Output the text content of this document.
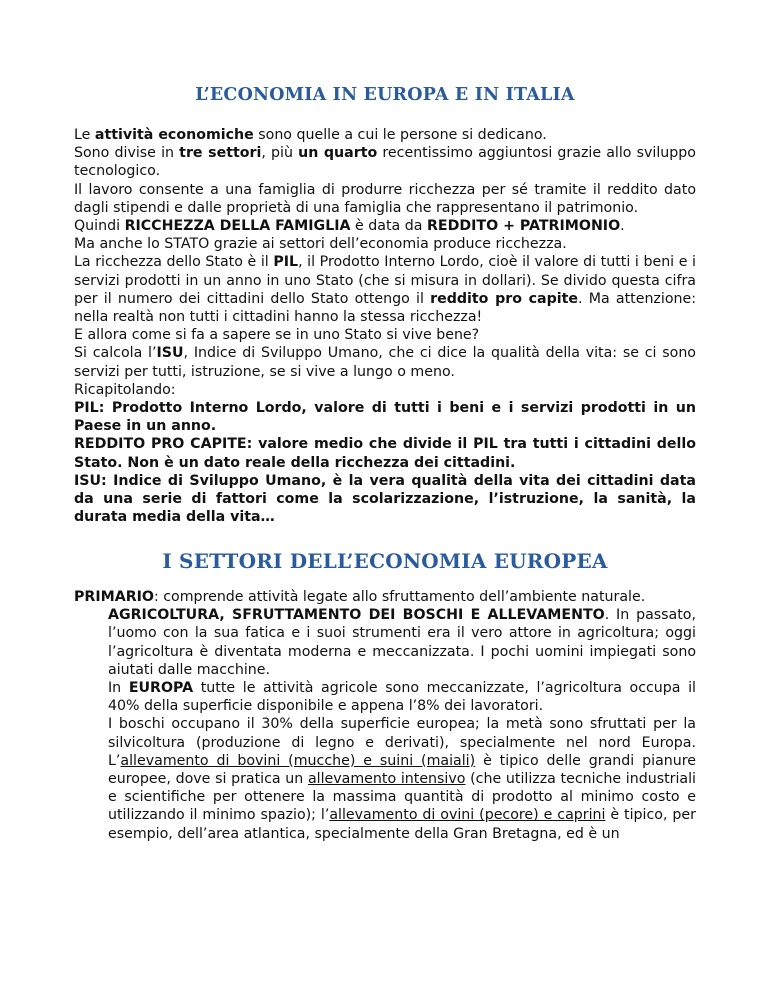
L’ECONOMIA IN EUROPA E IN ITALIA

Le attività economiche sono quelle a cui le persone si dedicano.

Sono divise in tre settori, più un quarto recentissimo aggiuntosi grazie allo sviluppo tecnologico.

Il lavoro consente a una famiglia di produrre ricchezza per sé tramite il reddito dato dagli stipendi e dalle proprietà di una famiglia che rappresentano il patrimonio.

Quindi RICCHEZZA DELLA FAMIGLIA è data da REDDITO + PATRIMONIO.

Ma anche lo STATO grazie ai settori dell’economia produce ricchezza.

La ricchezza dello Stato è il PIL, il Prodotto Interno Lordo, cioè il valore di tutti i beni e i servizi prodotti in un anno in uno Stato (che si misura in dollari). Se divido questa cifra per il numero dei cittadini dello Stato ottengo il reddito pro capite. Ma attenzione: nella realtà non tutti i cittadini hanno la stessa ricchezza!

E allora come si fa a sapere se in uno Stato si vive bene?

Si calcola l’ISU, Indice di Sviluppo Umano, che ci dice la qualità della vita: se ci sono servizi per tutti, istruzione, se si vive a lungo o meno.

Ricapitolando:

PIL: Prodotto Interno Lordo, valore di tutti i beni e i servizi prodotti in un Paese in un anno.

REDDITO PRO CAPITE: valore medio che divide il PIL tra tutti i cittadini dello Stato. Non è un dato reale della ricchezza dei cittadini.

ISU: Indice di Sviluppo Umano, è la vera qualità della vita dei cittadini data da una serie di fattori come la scolarizzazione, l’istruzione, la sanità, la durata media della vita…

I SETTORI DELL’ECONOMIA EUROPEA

PRIMARIO: comprende attività legate allo sfruttamento dell’ambiente naturale.

AGRICOLTURA, SFRUTTAMENTO DEI BOSCHI E ALLEVAMENTO. In passato, l’uomo con la sua fatica e i suoi strumenti era il vero attore in agricoltura; oggi l’agricoltura è diventata moderna e meccanizzata. I pochi uomini impiegati sono aiutati dalle macchine.

In EUROPA tutte le attività agricole sono meccanizzate, l’agricoltura occupa il 40% della superficie disponibile e appena l’8% dei lavoratori.

I boschi occupano il 30% della superficie europea; la metà sono sfruttati per la silvicoltura (produzione di legno e derivati), specialmente nel nord Europa. L’allevamento di bovini (mucche) e suini (maiali) è tipico delle grandi pianure europee, dove si pratica un allevamento intensivo (che utilizza tecniche industriali e scientifiche per ottenere la massima quantità di prodotto al minimo costo e utilizzando il minimo spazio); l’allevamento di ovini (pecore) e caprini è tipico, per esempio, dell’area atlantica, specialmente della Gran Bretagna, ed è un
